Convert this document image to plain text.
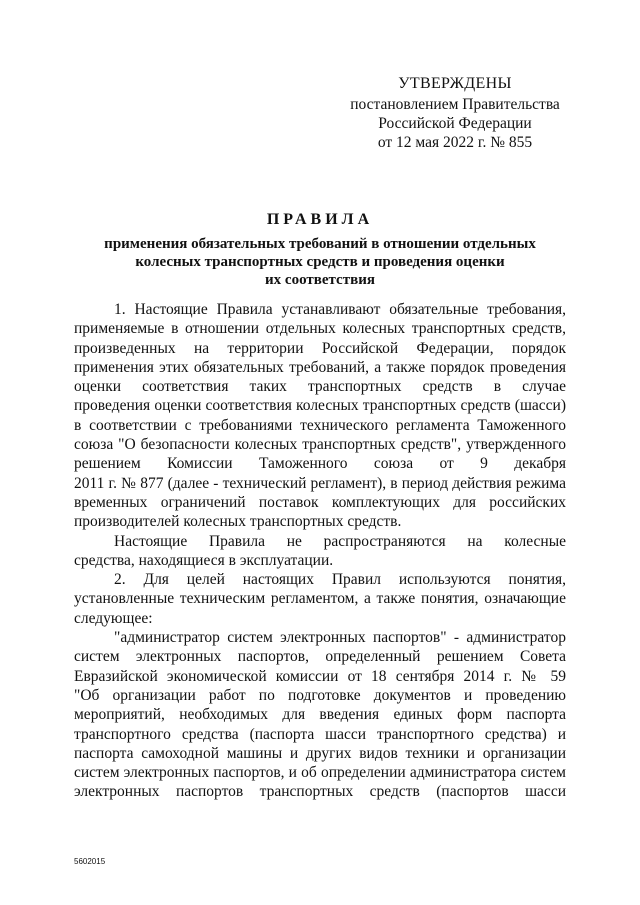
УТВЕРЖДЕНЫ
постановлением Правительства
Российской Федерации
от 12 мая 2022 г. № 855
ПРАВИЛА
применения обязательных требований в отношении отдельных
колесных транспортных средств и проведения оценки
их соответствия
1. Настоящие Правила устанавливают обязательные требования,
применяемые в отношении отдельных колесных транспортных средств,
произведенных на территории Российской Федерации, порядок
применения этих обязательных требований, а также порядок проведения
оценки соответствия таких транспортных средств в случае
проведения оценки соответствия колесных транспортных средств (шасси)
в соответствии с требованиями технического регламента Таможенного
союза "О безопасности колесных транспортных средств", утвержденного
решением Комиссии Таможенного союза от 9 декабря
2011 г. № 877 (далее - технический регламент), в период действия режима
временных ограничений поставок комплектующих для российских
производителей колесных транспортных средств.
Настоящие Правила не распространяются на колесные
средства, находящиеся в эксплуатации.
2. Для целей настоящих Правил используются понятия,
установленные техническим регламентом, а также понятия, означающие
следующее:
"администратор систем электронных паспортов" - администратор
систем электронных паспортов, определенный решением Совета
Евразийской экономической комиссии от 18 сентября 2014 г. № 59
"Об организации работ по подготовке документов и проведению
мероприятий, необходимых для введения единых форм паспорта
транспортного средства (паспорта шасси транспортного средства) и
паспорта самоходной машины и других видов техники и организации
систем электронных паспортов, и об определении администратора систем
электронных паспортов транспортных средств (паспортов шасси
5602015
